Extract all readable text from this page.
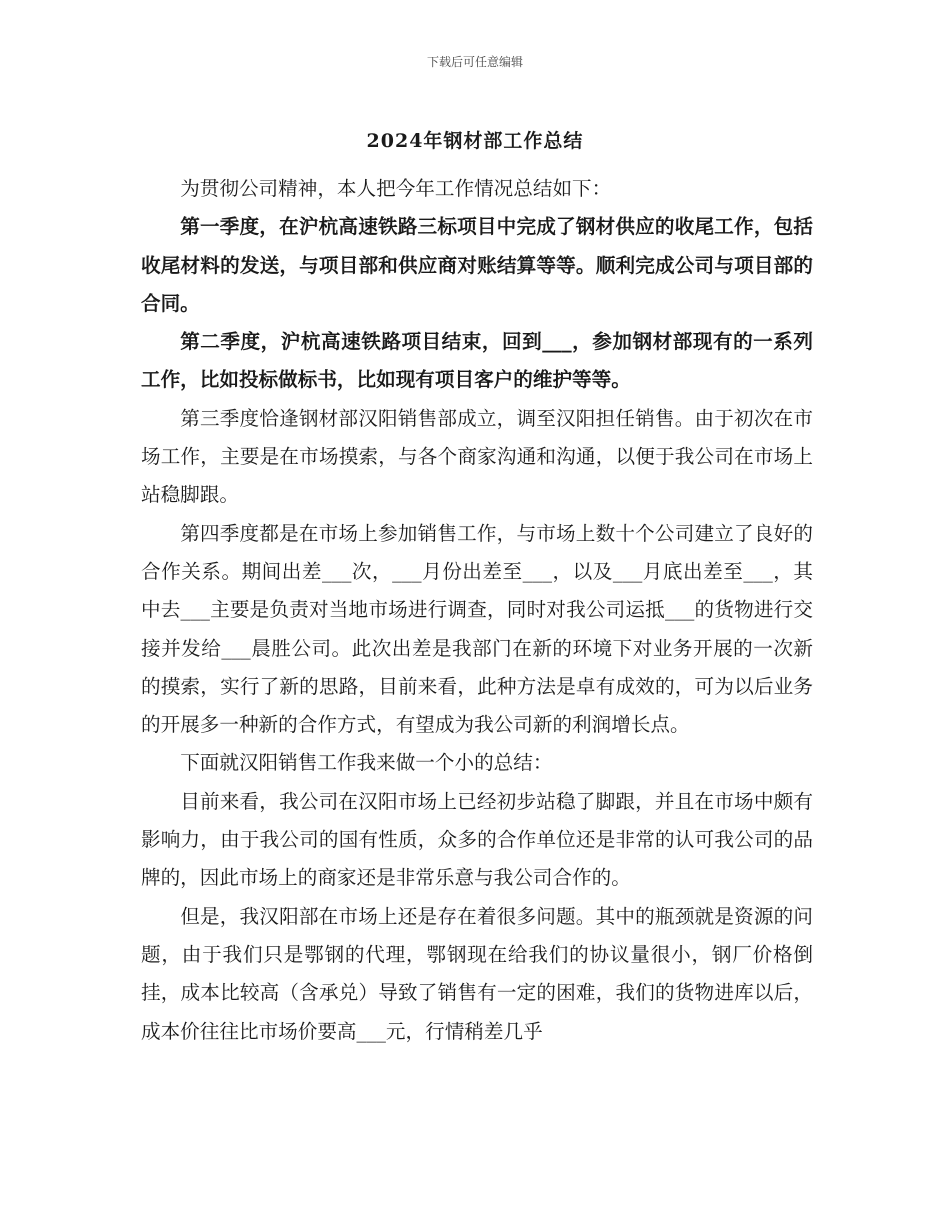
下载后可任意编辑
2024年钢材部工作总结

为贯彻公司精神，本人把今年工作情况总结如下：

第一季度，在沪杭高速铁路三标项目中完成了钢材供应的收尾工作，包括收尾材料的发送，与项目部和供应商对账结算等等。顺利完成公司与项目部的合同。

第二季度，沪杭高速铁路项目结束，回到___，参加钢材部现有的一系列工作，比如投标做标书，比如现有项目客户的维护等等。

第三季度恰逢钢材部汉阳销售部成立，调至汉阳担任销售。由于初次在市场工作，主要是在市场摸索，与各个商家沟通和沟通，以便于我公司在市场上站稳脚跟。

第四季度都是在市场上参加销售工作，与市场上数十个公司建立了良好的合作关系。期间出差___次，___月份出差至___，以及___月底出差至___，其中去___主要是负责对当地市场进行调查，同时对我公司运抵___的货物进行交接并发给___晨胜公司。此次出差是我部门在新的环境下对业务开展的一次新的摸索，实行了新的思路，目前来看，此种方法是卓有成效的，可为以后业务的开展多一种新的合作方式，有望成为我公司新的利润增长点。

下面就汉阳销售工作我来做一个小的总结：

目前来看，我公司在汉阳市场上已经初步站稳了脚跟，并且在市场中颇有影响力，由于我公司的国有性质，众多的合作单位还是非常的认可我公司的品牌的，因此市场上的商家还是非常乐意与我公司合作的。

但是，我汉阳部在市场上还是存在着很多问题。其中的瓶颈就是资源的问题，由于我们只是鄂钢的代理，鄂钢现在给我们的协议量很小，钢厂价格倒挂，成本比较高（含承兑）导致了销售有一定的困难，我们的货物进库以后，成本价往往比市场价要高___元，行情稍差几乎
